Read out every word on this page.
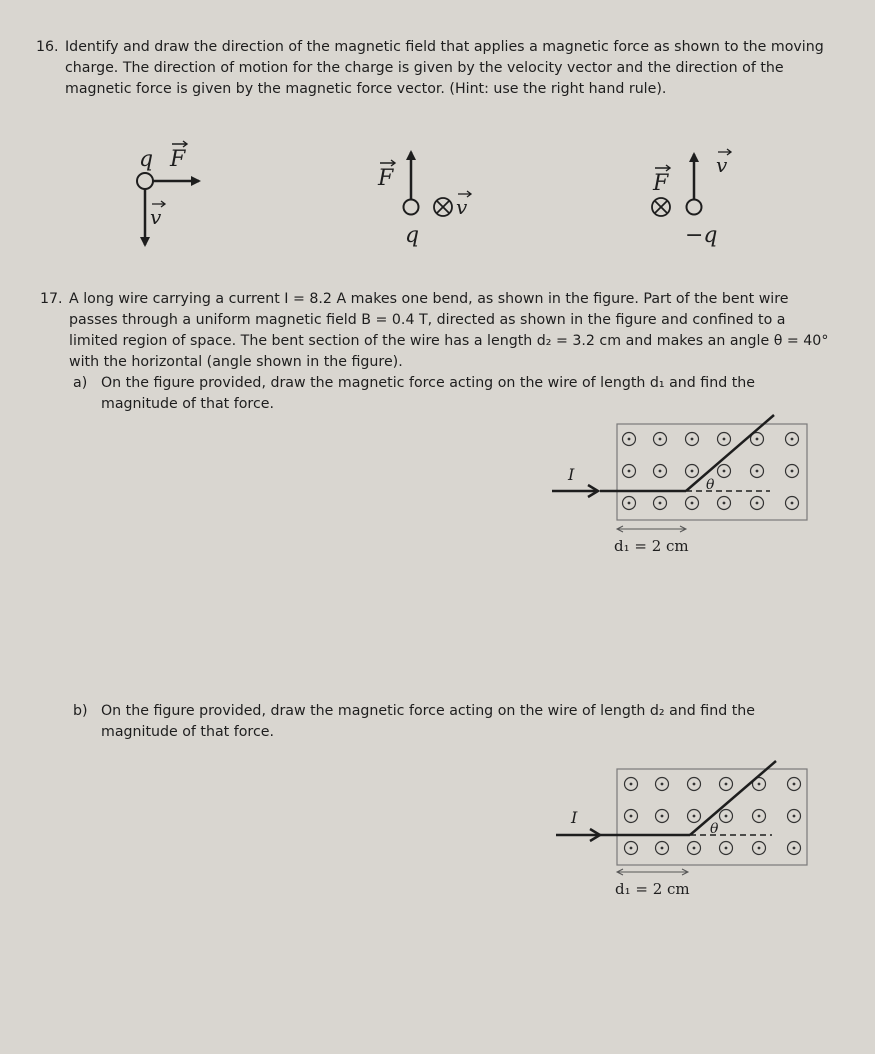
16. Identify and draw the direction of the magnetic field that applies a magnetic force as shown to the moving charge. The direction of motion for the charge is given by the velocity vector and the direction of the magnetic force is given by the magnetic force vector. (Hint: use the right hand rule).
q F
v
F
q
v
F
v
−q
17. A long wire carrying a current I = 8.2 A makes one bend, as shown in the figure. Part of the bent wire passes through a uniform magnetic field B = 0.4 T, directed as shown in the figure and confined to a limited region of space. The bent section of the wire has a length d₂ = 3.2 cm and makes an angle θ = 40° with the horizontal (angle shown in the figure).
a) On the figure provided, draw the magnetic force acting on the wire of length d₁ and find the magnitude of that force.
θ
I
d₁ = 2 cm
b) On the figure provided, draw the magnetic force acting on the wire of length d₂ and find the magnitude of that force.
θ
I
d₁ = 2 cm
